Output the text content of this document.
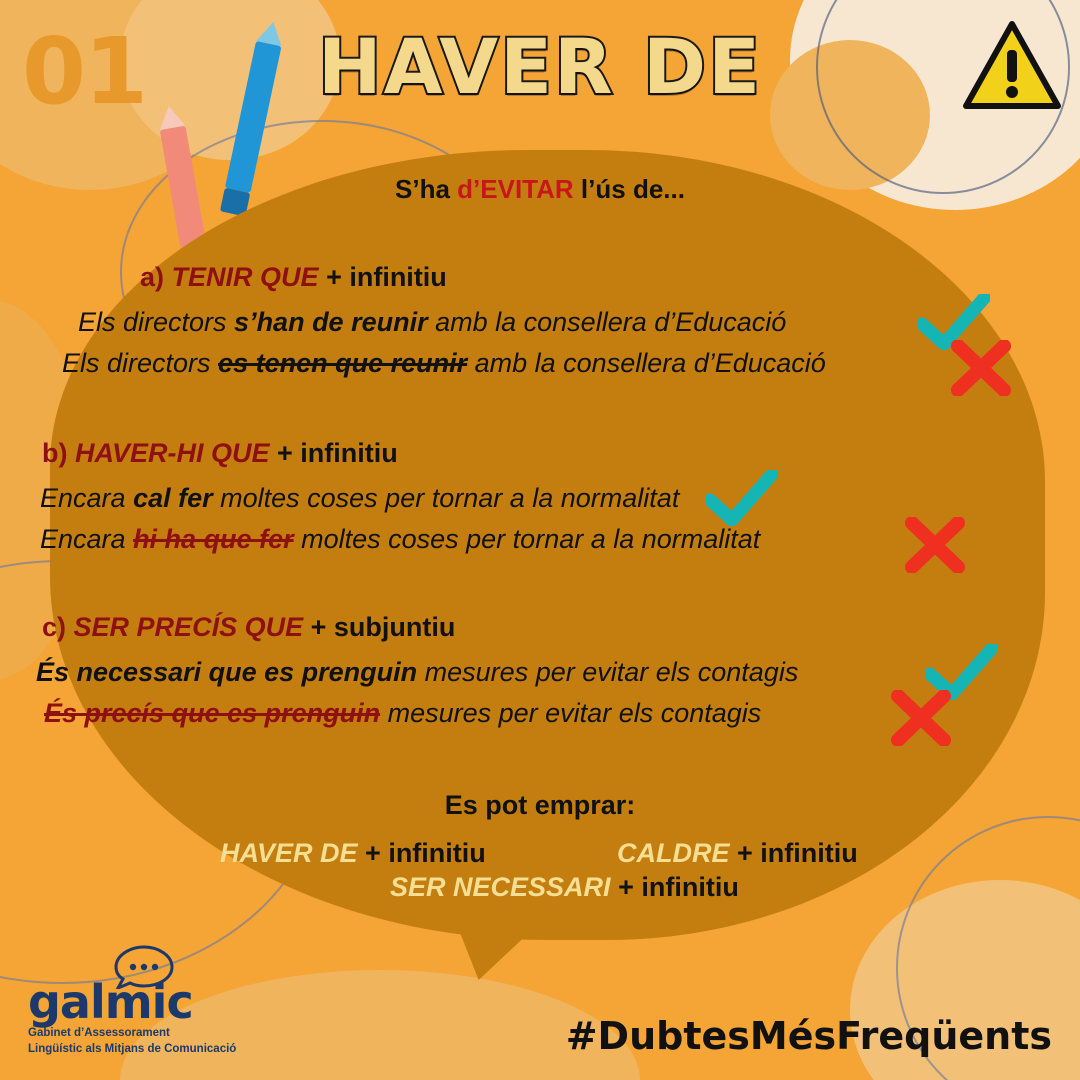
01	HAVER DE
S’ha d’EVITAR l’ús de...
a) TENIR QUE + infinitiu
Els directors s’han de reunir amb la consellera d’Educació
Els directors es tenen que reunir amb la consellera d’Educació
b) HAVER-HI QUE + infinitiu
Encara cal fer moltes coses per tornar a la normalitat
Encara hi ha que fer moltes coses per tornar a la normalitat
c) SER PRECÍS QUE + subjuntiu
És necessari que es prenguin mesures per evitar els contagis
És precís que es prenguin mesures per evitar els contagis
Es pot emprar:
HAVER DE + infinitiu	CALDRE + infinitiu
SER NECESSARI + infinitiu
galmic
Gabinet d’Assessorament
Lingüístic als Mitjans de Comunicació	#DubtesMésFreqüents
